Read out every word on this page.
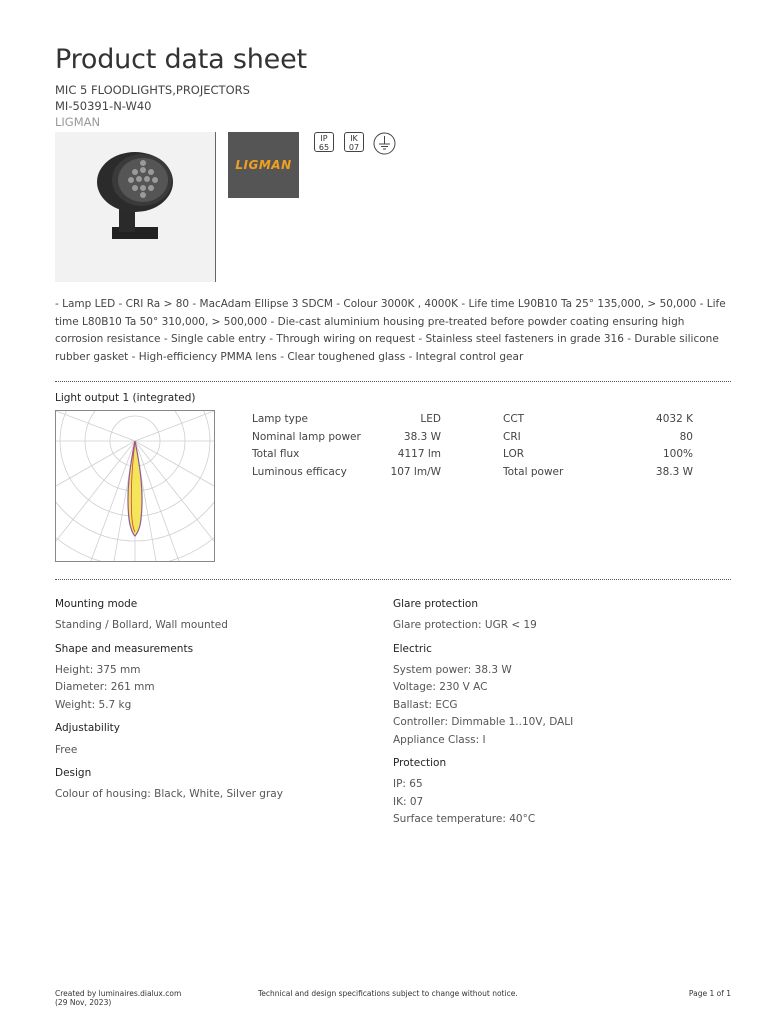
Product data sheet
MIC 5 FLOODLIGHTS,PROJECTORS
MI-50391-N-W40
LIGMAN
LIGMAN
IP
65
IK
07
- Lamp LED - CRI Ra > 80 - MacAdam Ellipse 3 SDCM - Colour 3000K , 4000K - Life time L90B10 Ta 25° 135,000, > 50,000 - Life time L80B10 Ta 50° 310,000, > 500,000 - Die-cast aluminium housing pre-treated before powder coating ensuring high corrosion resistance - Single cable entry - Through wiring on request - Stainless steel fasteners in grade 316 - Durable silicone rubber gasket - High-efficiency PMMA lens - Clear toughened glass - Integral control gear
Light output 1 (integrated)
Lamp type	LED
Nominal lamp power	38.3 W
Total flux	4117 lm
Luminous efficacy	107 lm/W
CCT	4032 K
CRI	80
LOR	100%
Total power	38.3 W
Mounting mode
Standing / Bollard, Wall mounted
Shape and measurements
Height: 375 mm
Diameter: 261 mm
Weight: 5.7 kg
Adjustability
Free
Design
Colour of housing: Black, White, Silver gray
Glare protection
Glare protection: UGR < 19
Electric
System power: 38.3 W
Voltage: 230 V AC
Ballast: ECG
Controller: Dimmable 1..10V, DALI
Appliance Class: I
Protection
IP: 65
IK: 07
Surface temperature: 40°C
Created by luminaires.dialux.com
(29 Nov, 2023)
Technical and design specifications subject to change without notice.	Page 1 of 1
